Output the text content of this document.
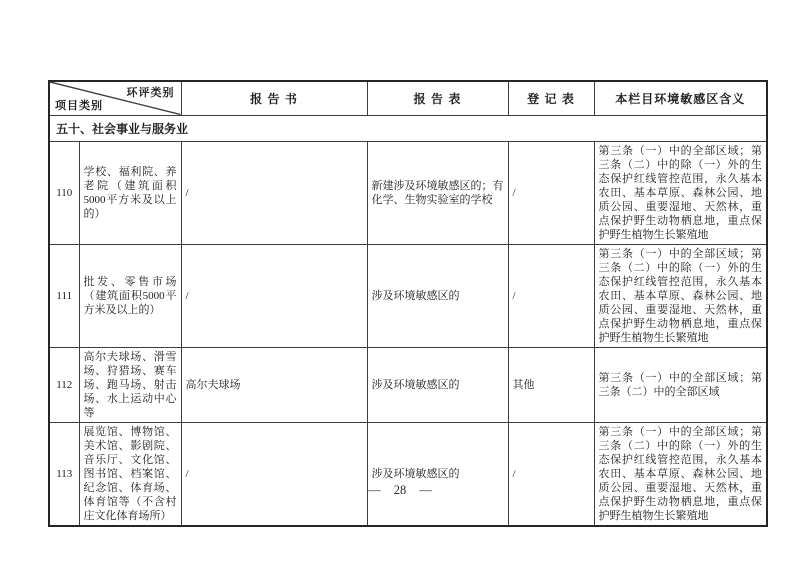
环评类别
项目类别		报 告 书	报 告 表	登 记 表	本栏目环境敏感区含义
五十、社会事业与服务业					
110	学校、福利院、养老院（建筑面积5000平方米及以上的）	/	新建涉及环境敏感区的；有化学、生物实验室的学校	/	第三条（一）中的全部区域；第三条（二）中的除（一）外的生态保护红线管控范围，永久基本农田、基本草原、森林公园、地质公园、重要湿地、天然林，重点保护野生动物栖息地，重点保护野生植物生长繁殖地
111	批发、零售市场（建筑面积5000平方米及以上的）	/	涉及环境敏感区的	/	第三条（一）中的全部区域；第三条（二）中的除（一）外的生态保护红线管控范围，永久基本农田、基本草原、森林公园、地质公园、重要湿地、天然林，重点保护野生动物栖息地，重点保护野生植物生长繁殖地
112	高尔夫球场、滑雪场、狩猎场、赛车场、跑马场、射击场、水上运动中心等	高尔夫球场	涉及环境敏感区的	其他	第三条（一）中的全部区域；第三条（二）中的全部区域
113	展览馆、博物馆、美术馆、影剧院、音乐厅、文化馆、图书馆、档案馆、纪念馆、体育场、体育馆等（不含村庄文化体育场所）	/	涉及环境敏感区的	/	第三条（一）中的全部区域；第三条（二）中的除（一）外的生态保护红线管控范围，永久基本农田、基本草原、森林公园、地质公园、重要湿地、天然林，重点保护野生动物栖息地，重点保护野生植物生长繁殖地
— 28 —
